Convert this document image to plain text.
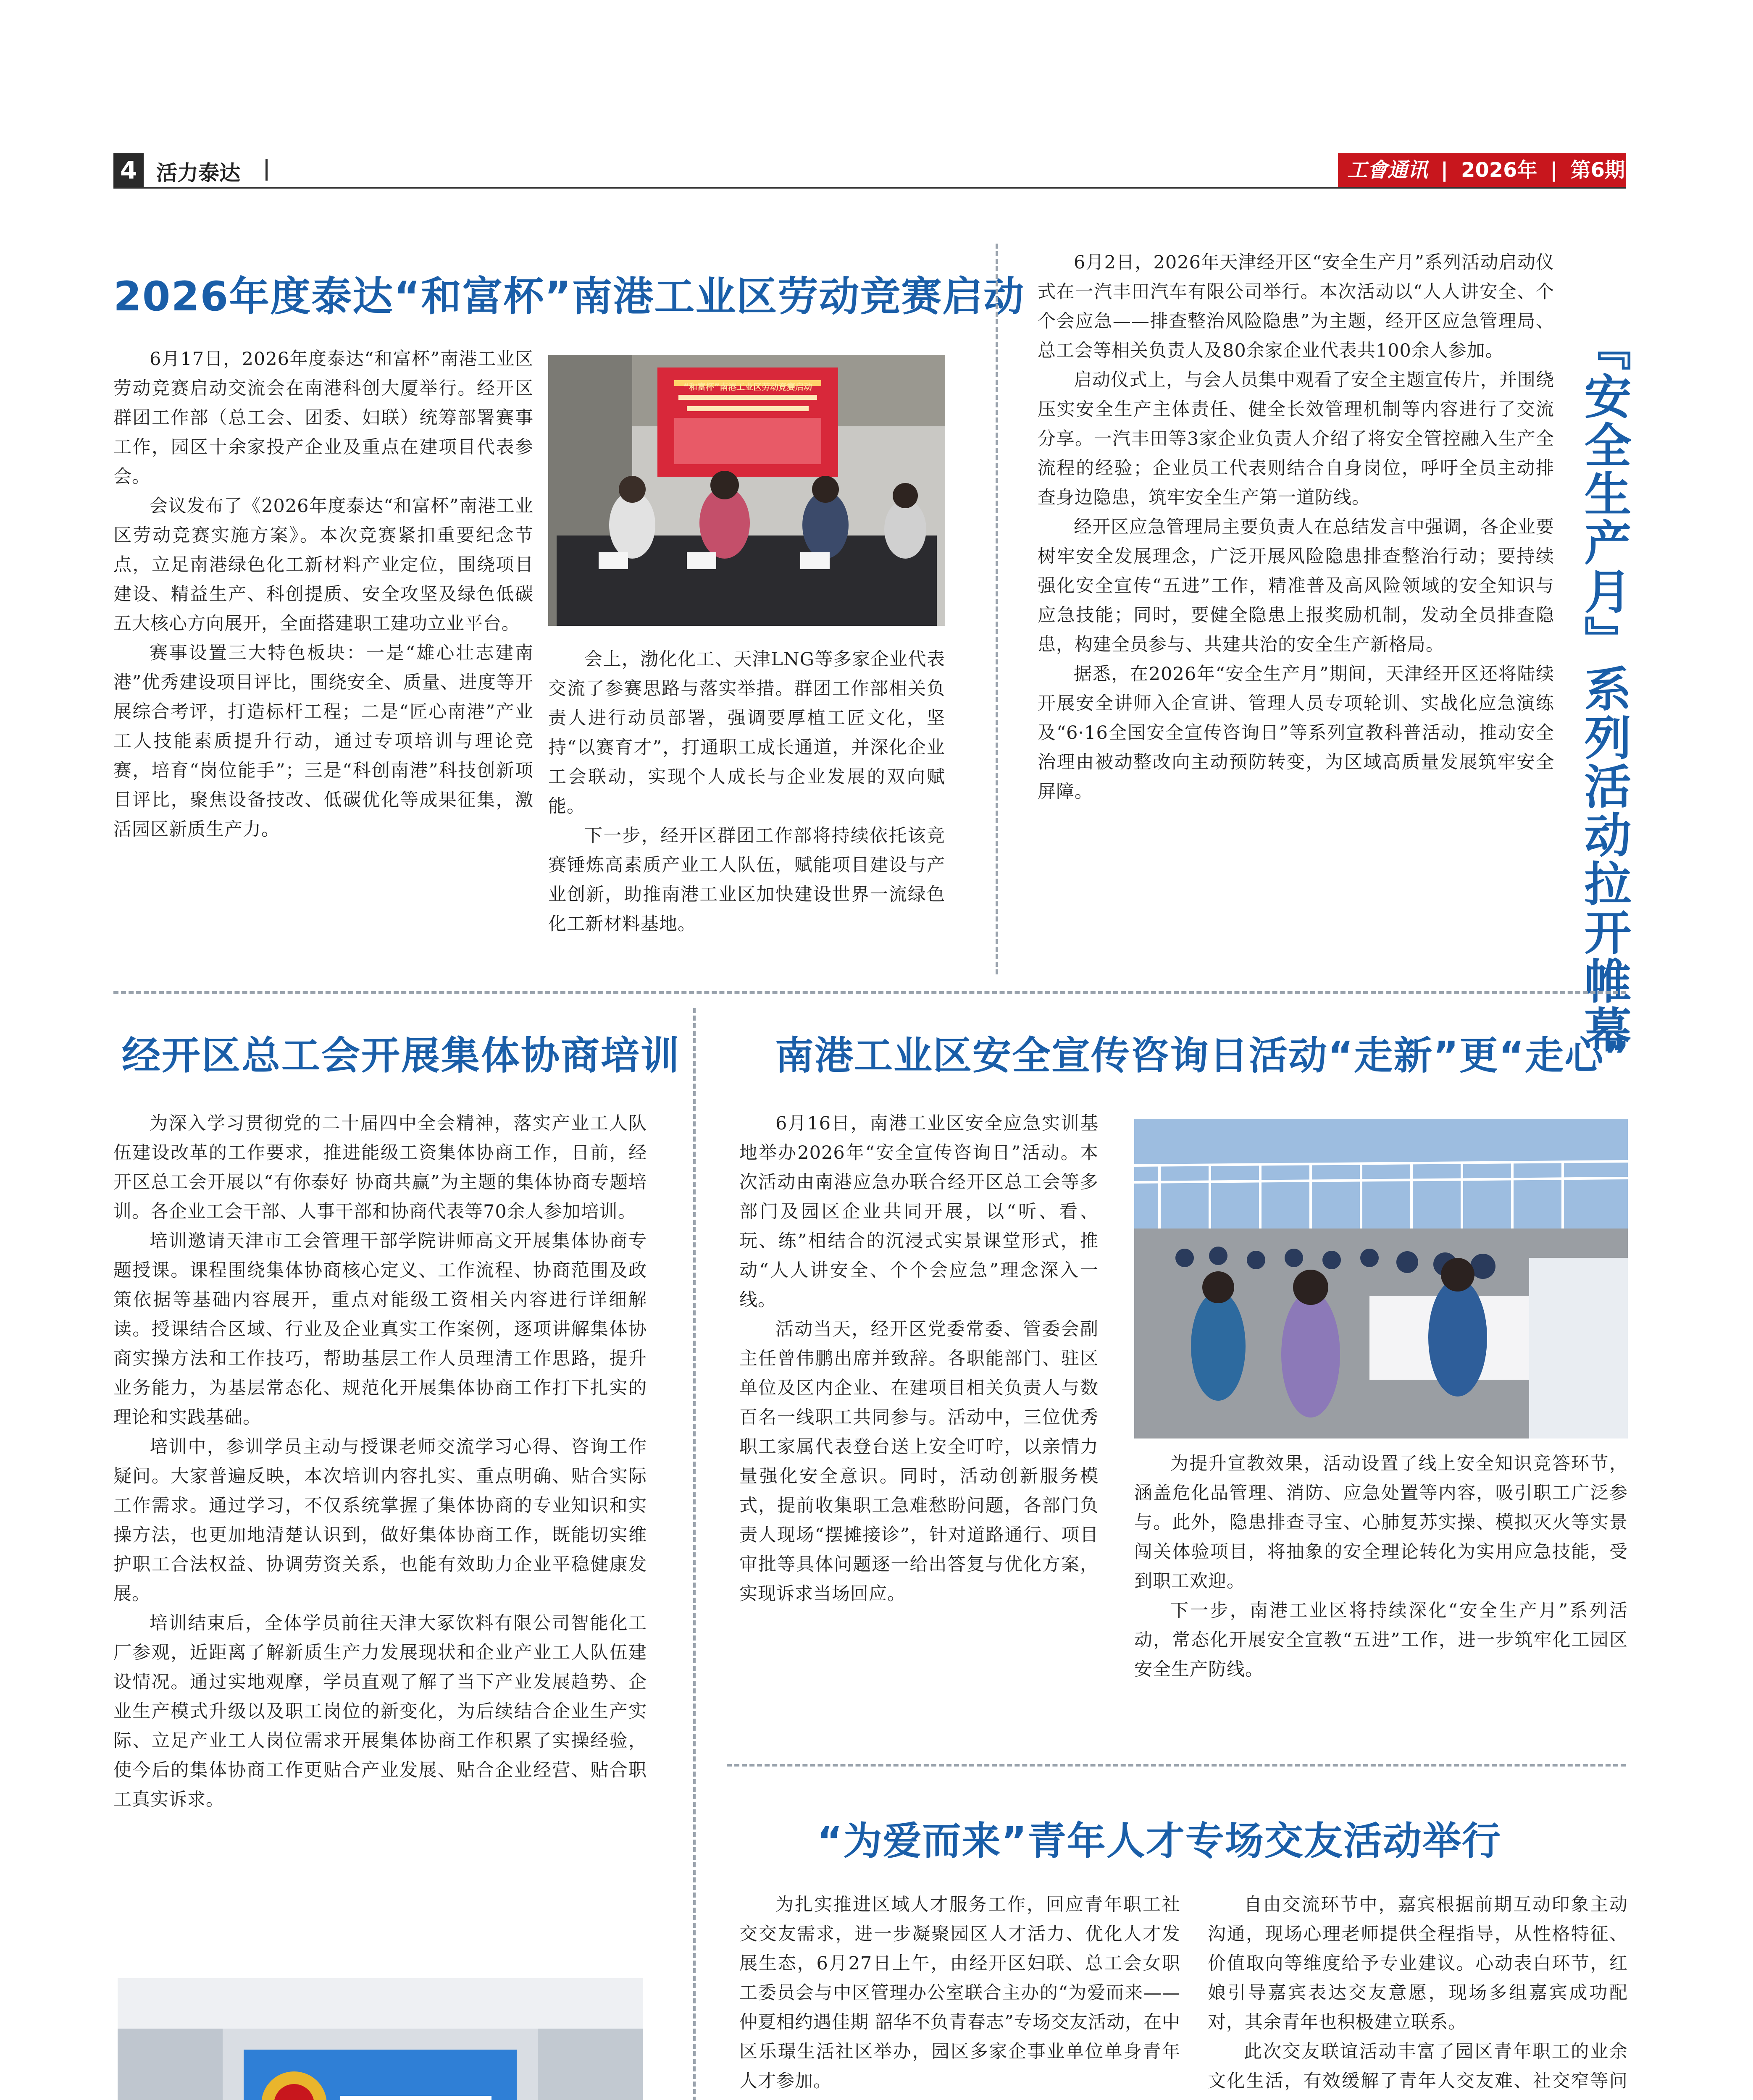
4 活力泰达	工會通讯 | 2026年 | 第6期
2026年度泰达“和富杯”南港工业区劳动竞赛启动

6月17日，2026年度泰达“和富杯”南港工业区劳动竞赛启动交流会在南港科创大厦举行。经开区群团工作部（总工会、团委、妇联）统筹部署赛事工作，园区十余家投产企业及重点在建项目代表参会。

会议发布了《2026年度泰达“和富杯”南港工业区劳动竞赛实施方案》。本次竞赛紧扣重要纪念节点，立足南港绿色化工新材料产业定位，围绕项目建设、精益生产、科创提质、安全攻坚及绿色低碳五大核心方向展开，全面搭建职工建功立业平台。

赛事设置三大特色板块：一是“雄心壮志建南港”优秀建设项目评比，围绕安全、质量、进度等开展综合考评，打造标杆工程；二是“匠心南港”产业工人技能素质提升行动，通过专项培训与理论竞赛，培育“岗位能手”；三是“科创南港”科技创新项目评比，聚焦设备技改、低碳优化等成果征集，激活园区新质生产力。

“和富杯”南港工业区劳动竞赛启动

会上，渤化化工、天津LNG等多家企业代表交流了参赛思路与落实举措。群团工作部相关负责人进行动员部署，强调要厚植工匠文化，坚持“以赛育才”，打通职工成长通道，并深化企业工会联动，实现个人成长与企业发展的双向赋能。

下一步，经开区群团工作部将持续依托该竞赛锤炼高素质产业工人队伍，赋能项目建设与产业创新，助推南港工业区加快建设世界一流绿色化工新材料基地。

6月2日，2026年天津经开区“安全生产月”系列活动启动仪式在一汽丰田汽车有限公司举行。本次活动以“人人讲安全、个个会应急——排查整治风险隐患”为主题，经开区应急管理局、总工会等相关负责人及80余家企业代表共100余人参加。

启动仪式上，与会人员集中观看了安全主题宣传片，并围绕压实安全生产主体责任、健全长效管理机制等内容进行了交流分享。一汽丰田等3家企业负责人介绍了将安全管控融入生产全流程的经验；企业员工代表则结合自身岗位，呼吁全员主动排查身边隐患，筑牢安全生产第一道防线。

经开区应急管理局主要负责人在总结发言中强调，各企业要树牢安全发展理念，广泛开展风险隐患排查整治行动；要持续强化安全宣传“五进”工作，精准普及高风险领域的安全知识与应急技能；同时，要健全隐患上报奖励机制，发动全员排查隐患，构建全员参与、共建共治的安全生产新格局。

据悉，在2026年“安全生产月”期间，天津经开区还将陆续开展安全讲师入企宣讲、管理人员专项轮训、实战化应急演练及“6·16全国安全宣传咨询日”等系列宣教科普活动，推动安全治理由被动整改向主动预防转变，为区域高质量发展筑牢安全屏障。	『安全生产月』系列活动拉开帷幕
经开区总工会开展集体协商培训

为深入学习贯彻党的二十届四中全会精神，落实产业工人队伍建设改革的工作要求，推进能级工资集体协商工作，日前，经开区总工会开展以“有你泰好 协商共赢”为主题的集体协商专题培训。各企业工会干部、人事干部和协商代表等70余人参加培训。

培训邀请天津市工会管理干部学院讲师高文开展集体协商专题授课。课程围绕集体协商核心定义、工作流程、协商范围及政策依据等基础内容展开，重点对能级工资相关内容进行详细解读。授课结合区域、行业及企业真实工作案例，逐项讲解集体协商实操方法和工作技巧，帮助基层工作人员理清工作思路，提升业务能力，为基层常态化、规范化开展集体协商工作打下扎实的理论和实践基础。

培训中，参训学员主动与授课老师交流学习心得、咨询工作疑问。大家普遍反映，本次培训内容扎实、重点明确、贴合实际工作需求。通过学习，不仅系统掌握了集体协商的专业知识和实操方法，也更加地清楚认识到，做好集体协商工作，既能切实维护职工合法权益、协调劳资关系，也能有效助力企业平稳健康发展。

培训结束后，全体学员前往天津大冢饮料有限公司智能化工厂参观，近距离了解新质生产力发展现状和企业产业工人队伍建设情况。通过实地观摩，学员直观了解了当下产业发展趋势、企业生产模式升级以及职工岗位的新变化，为后续结合企业生产实际、立足产业工人岗位需求开展集体协商工作积累了实操经验，使今后的集体协商工作更贴合产业发展、贴合企业经营、贴合职工真实诉求。

南港工业区安全宣传咨询日活动“走新”更“走心”

6月16日，南港工业区安全应急实训基地举办2026年“安全宣传咨询日”活动。本次活动由南港应急办联合经开区总工会等多部门及园区企业共同开展，以“听、看、玩、练”相结合的沉浸式实景课堂形式，推动“人人讲安全、个个会应急”理念深入一线。

活动当天，经开区党委常委、管委会副主任曾伟鹏出席并致辞。各职能部门、驻区单位及区内企业、在建项目相关负责人与数百名一线职工共同参与。活动中，三位优秀职工家属代表登台送上安全叮咛，以亲情力量强化安全意识。同时，活动创新服务模式，提前收集职工急难愁盼问题，各部门负责人现场“摆摊接诊”，针对道路通行、项目审批等具体问题逐一给出答复与优化方案，实现诉求当场回应。

为提升宣教效果，活动设置了线上安全知识竞答环节，涵盖危化品管理、消防、应急处置等内容，吸引职工广泛参与。此外，隐患排查寻宝、心肺复苏实操、模拟灭火等实景闯关体验项目，将抽象的安全理论转化为实用应急技能，受到职工欢迎。

下一步，南港工业区将持续深化“安全生产月”系列活动，常态化开展安全宣教“五进”工作，进一步筑牢化工园区安全生产防线。

“为爱而来”青年人才专场交友活动举行

为扎实推进区域人才服务工作，回应青年职工社交交友需求，进一步凝聚园区人才活力、优化人才发展生态，6月27日上午，由经开区妇联、总工会女职工委员会与中区管理办公室联合主办的“为爱而来——仲夏相约遇佳期 韶华不负青春志”专场交友活动，在中区乐璟生活社区举办，园区多家企事业单位单身青年人才参加。

自由交流环节中，嘉宾根据前期互动印象主动沟通，现场心理老师提供全程指导，从性格特征、价值取向等维度给予专业建议。心动表白环节，红娘引导嘉宾表达交友意愿，现场多组嘉宾成功配对，其余青年也积极建立联系。

此次交友联谊活动丰富了园区青年职工的业余文化生活，有效缓解了青年人交友难、社交窄等问
